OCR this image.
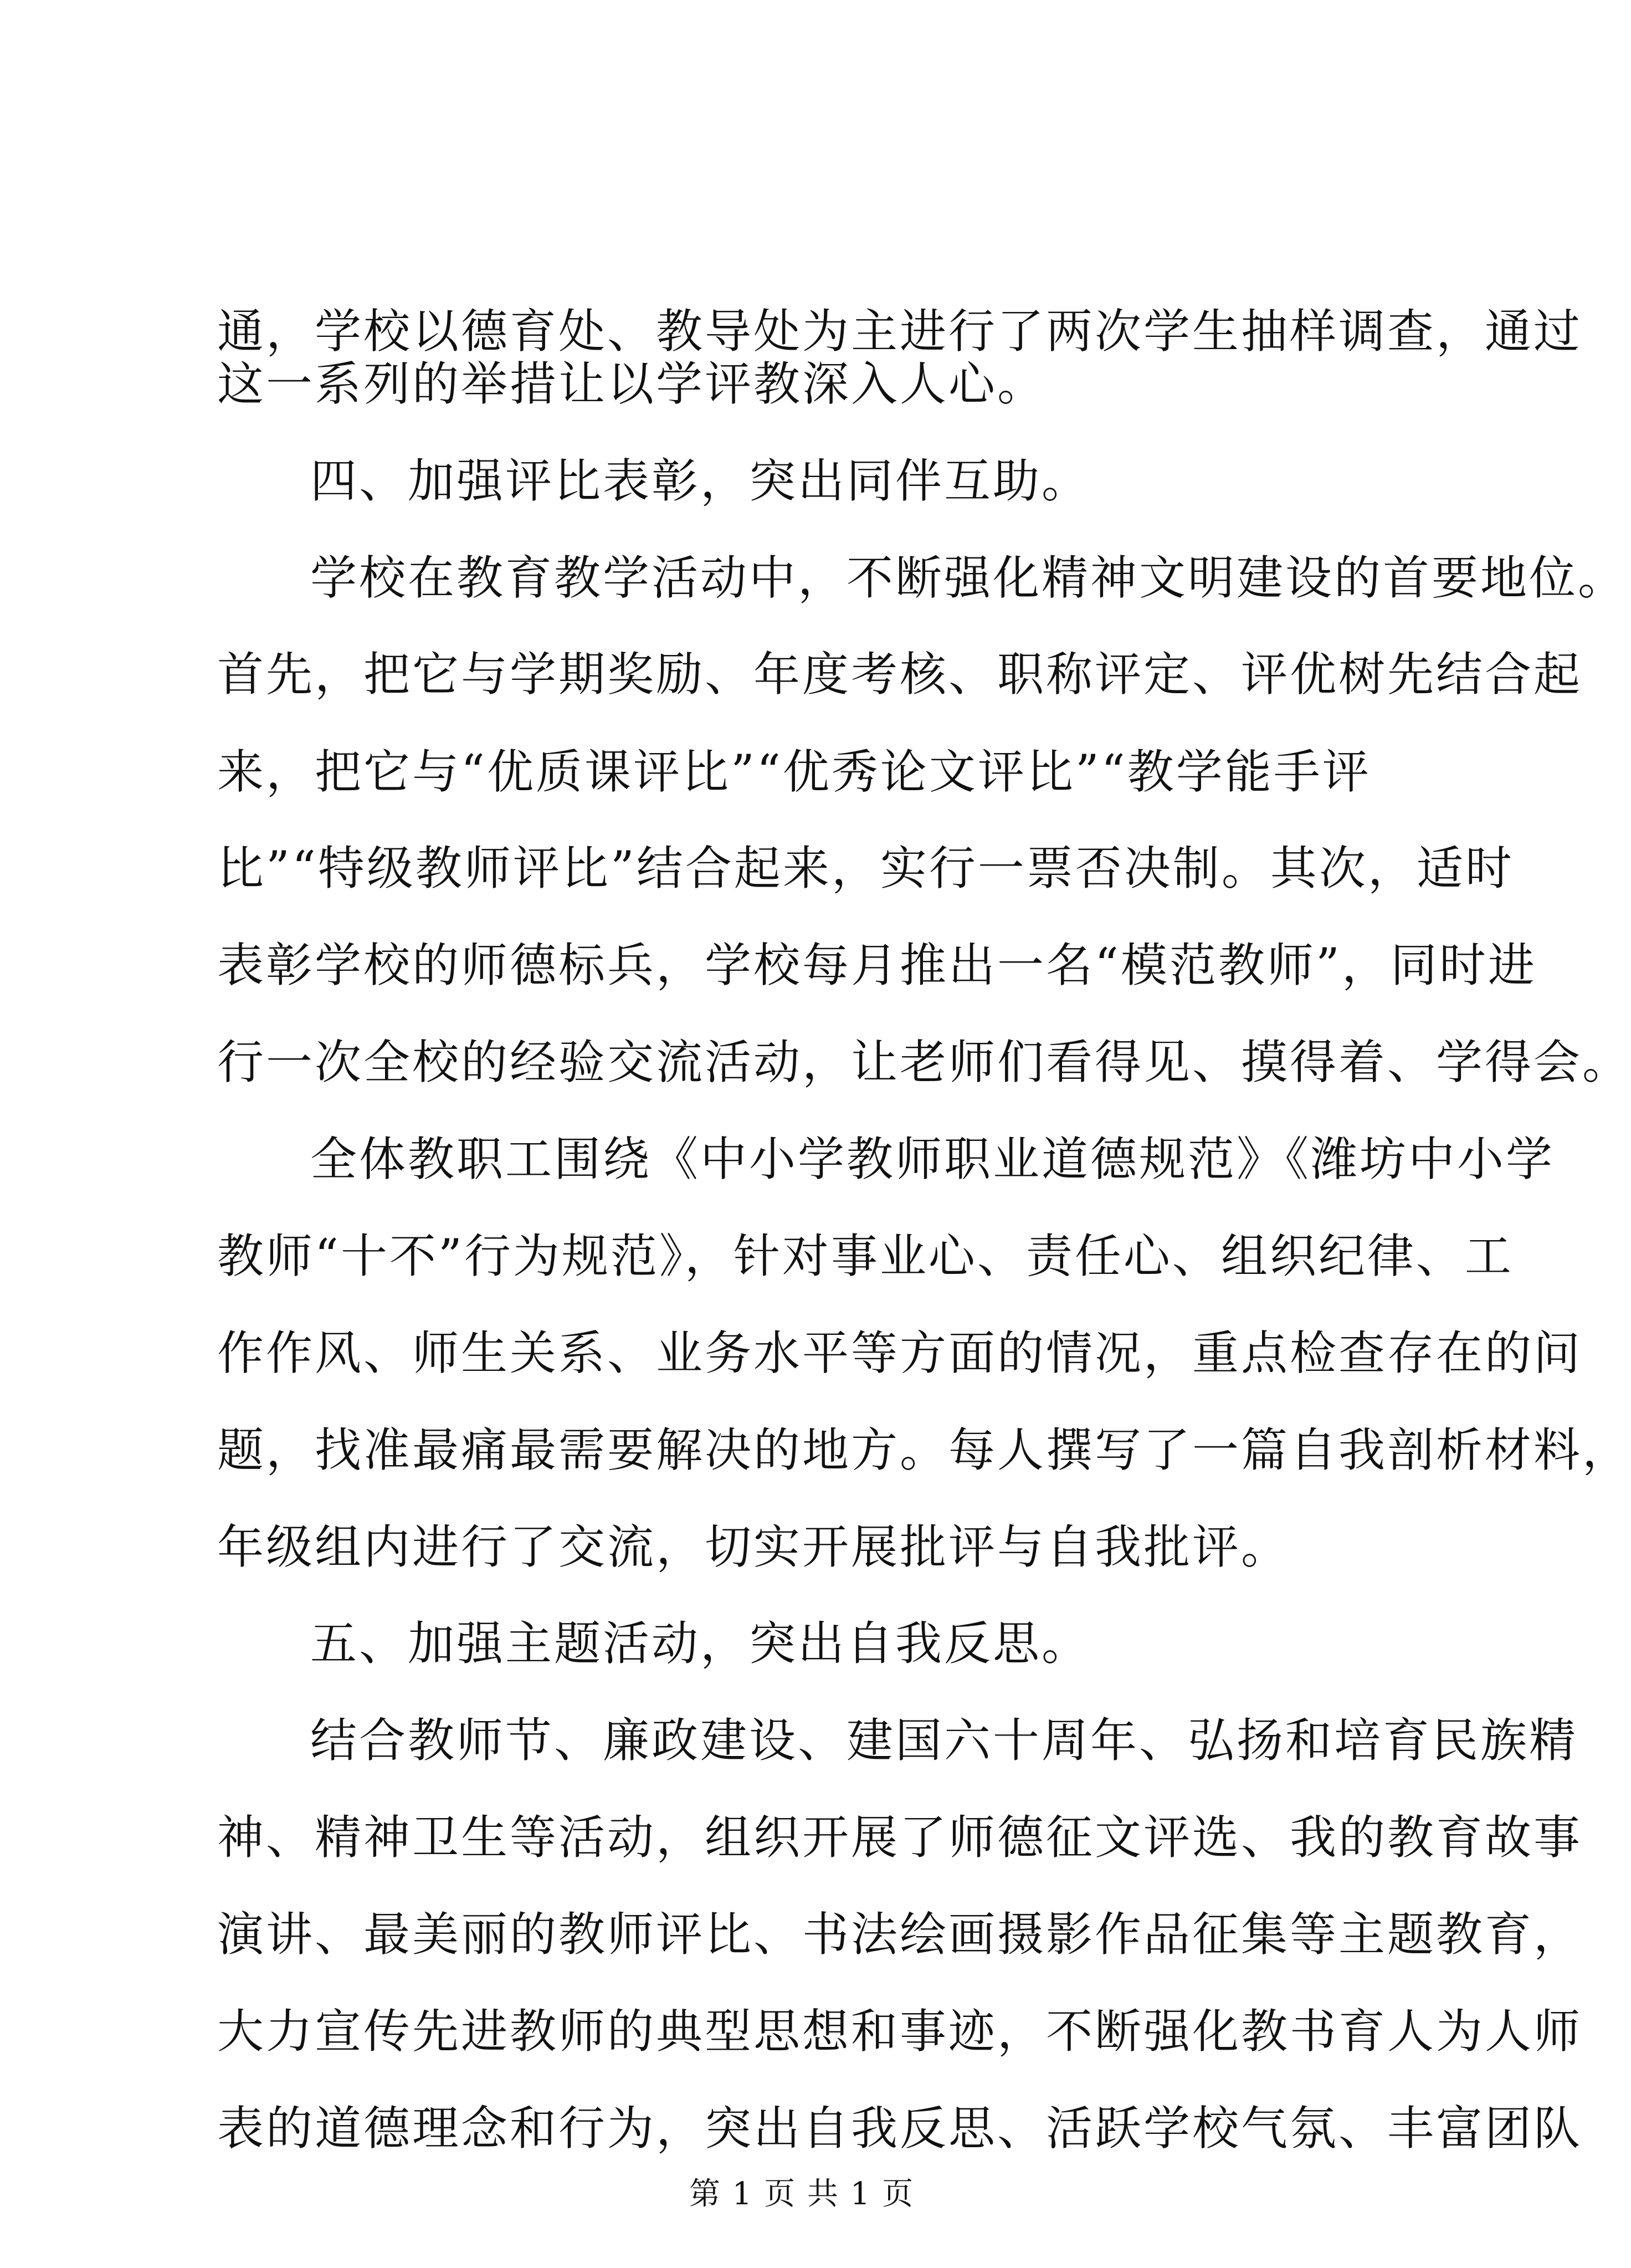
通，学校以德育处、教导处为主进行了两次学生抽样调查，通过
这一系列的举措让以学评教深入人心。
四、加强评比表彰，突出同伴互助。
学校在教育教学活动中，不断强化精神文明建设的首要地位。
首先，把它与学期奖励、年度考核、职称评定、评优树先结合起
来，把它与“优质课评比”“优秀论文评比”“教学能手评
比”“特级教师评比”结合起来，实行一票否决制。其次，适时
表彰学校的师德标兵，学校每月推出一名“模范教师”，同时进
行一次全校的经验交流活动，让老师们看得见、摸得着、学得会。
全体教职工围绕《中小学教师职业道德规范》《潍坊中小学
教师“十不”行为规范》，针对事业心、责任心、组织纪律、工
作作风、师生关系、业务水平等方面的情况，重点检查存在的问
题，找准最痛最需要解决的地方。每人撰写了一篇自我剖析材料，
年级组内进行了交流，切实开展批评与自我批评。
五、加强主题活动，突出自我反思。
结合教师节、廉政建设、建国六十周年、弘扬和培育民族精
神、精神卫生等活动，组织开展了师德征文评选、我的教育故事
演讲、最美丽的教师评比、书法绘画摄影作品征集等主题教育，
大力宣传先进教师的典型思想和事迹，不断强化教书育人为人师
表的道德理念和行为，突出自我反思、活跃学校气氛、丰富团队
第 1 页 共 1 页
